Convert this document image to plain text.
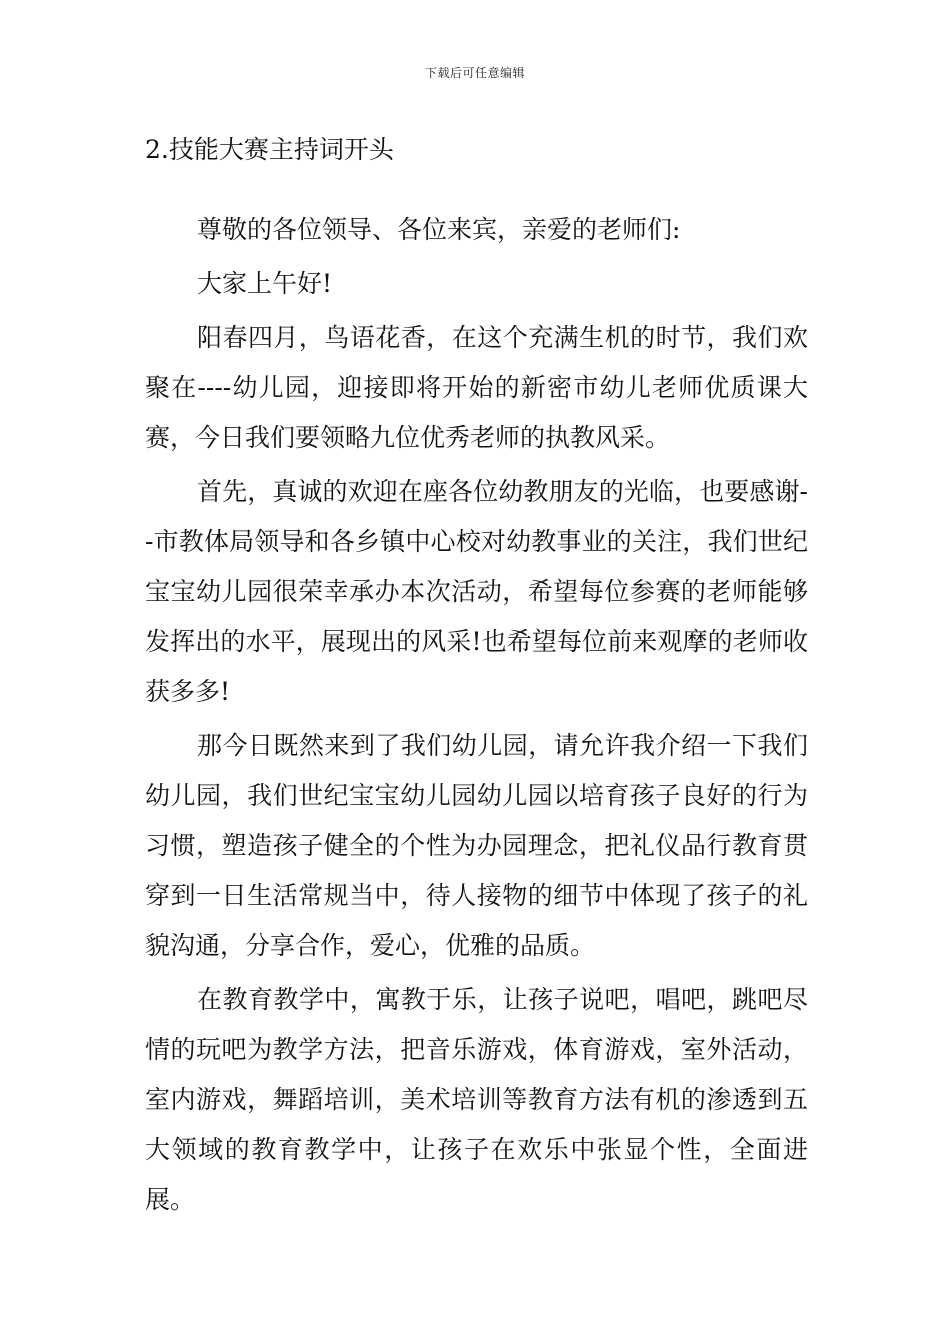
下载后可任意编辑
2.技能大赛主持词开头

尊敬的各位领导、各位来宾，亲爱的老师们:

大家上午好!

阳春四月，鸟语花香，在这个充满生机的时节，我们欢聚在----幼儿园，迎接即将开始的新密市幼儿老师优质课大赛，今日我们要领略九位优秀老师的执教风采。

首先，真诚的欢迎在座各位幼教朋友的光临，也要感谢--市教体局领导和各乡镇中心校对幼教事业的关注，我们世纪宝宝幼儿园很荣幸承办本次活动，希望每位参赛的老师能够发挥出的水平，展现出的风采!也希望每位前来观摩的老师收获多多!

那今日既然来到了我们幼儿园，请允许我介绍一下我们幼儿园，我们世纪宝宝幼儿园幼儿园以培育孩子良好的行为习惯，塑造孩子健全的个性为办园理念，把礼仪品行教育贯穿到一日生活常规当中，待人接物的细节中体现了孩子的礼貌沟通，分享合作，爱心，优雅的品质。

在教育教学中，寓教于乐，让孩子说吧，唱吧，跳吧尽情的玩吧为教学方法，把音乐游戏，体育游戏，室外活动，室内游戏，舞蹈培训，美术培训等教育方法有机的渗透到五大领域的教育教学中，让孩子在欢乐中张显个性，全面进展。
